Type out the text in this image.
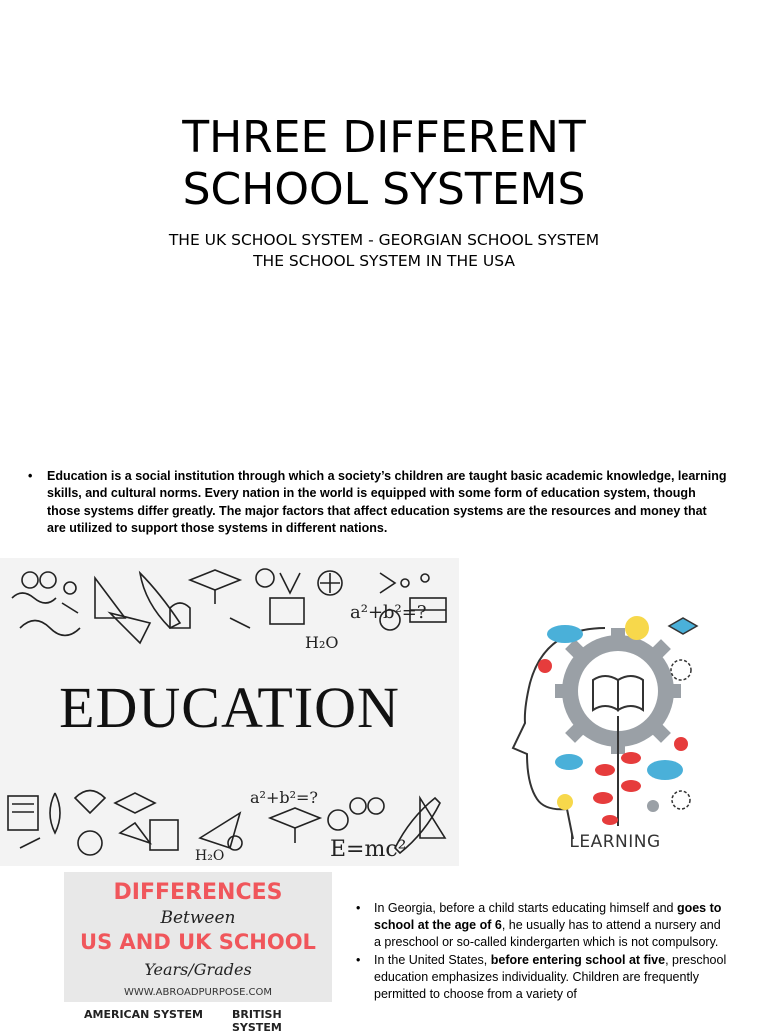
THREE DIFFERENT
SCHOOL SYSTEMS
THE UK SCHOOL SYSTEM - GEORGIAN SCHOOL SYSTEM
THE SCHOOL SYSTEM IN THE USA
• Education is a social institution through which a society’s children are taught basic academic knowledge, learning skills, and cultural norms. Every nation in the world is equipped with some form of education system, though those systems differ greatly. The major factors that affect education systems are the resources and money that are utilized to support those systems in different nations.
a²+b²=?
H₂O
a²+b²=?
E=mc²
H₂O
EDUCATION
LEARNING
DIFFERENCES
Between
US AND UK SCHOOL
Years/Grades
WWW.ABROADPURPOSE.COM
AMERICAN SYSTEM	BRITISH SYSTEM
• In Georgia, before a child starts educating himself and goes to school at the age of 6, he usually has to attend a nursery and a preschool or so-called kindergarten which is not compulsory.
• In the United States, before entering school at five, preschool education emphasizes individuality. Children are frequently permitted to choose from a variety of
